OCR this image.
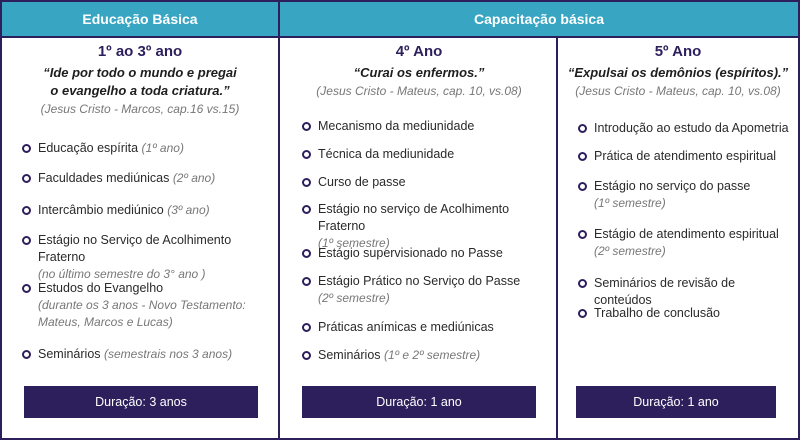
Educação Básica	Capacitação básica
1º ao 3º ano
“Ide por todo o mundo e pregai
o evangelho a toda criatura.”
(Jesus Cristo - Marcos, cap.16 vs.15)
Educação espírita (1º ano)
Faculdades mediúnicas (2º ano)
Intercâmbio mediúnico (3º ano)
Estágio no Serviço de Acolhimento Fraterno
(no último semestre do 3° ano )
Estudos do Evangelho
(durante os 3 anos - Novo Testamento:
Mateus, Marcos e Lucas)
Seminários (semestrais nos 3 anos)
Duração: 3 anos
4º Ano
“Curai os enfermos.”
(Jesus Cristo - Mateus, cap. 10, vs.08)
Mecanismo da mediunidade
Técnica da mediunidade
Curso de passe
Estágio no serviço de Acolhimento Fraterno
(1º semestre)
Estágio supervisionado no Passe
Estágio Prático no Serviço do Passe
(2º semestre)
Práticas anímicas e mediúnicas
Seminários (1º e 2º semestre)
Duração: 1 ano
5º Ano
“Expulsai os demônios (espíritos).”
(Jesus Cristo - Mateus, cap. 10, vs.08)
Introdução ao estudo da Apometria
Prática de atendimento espiritual
Estágio no serviço do passe
(1º semestre)
Estágio de atendimento espiritual
(2º semestre)
Seminários de revisão de conteúdos
Trabalho de conclusão
Duração: 1 ano
